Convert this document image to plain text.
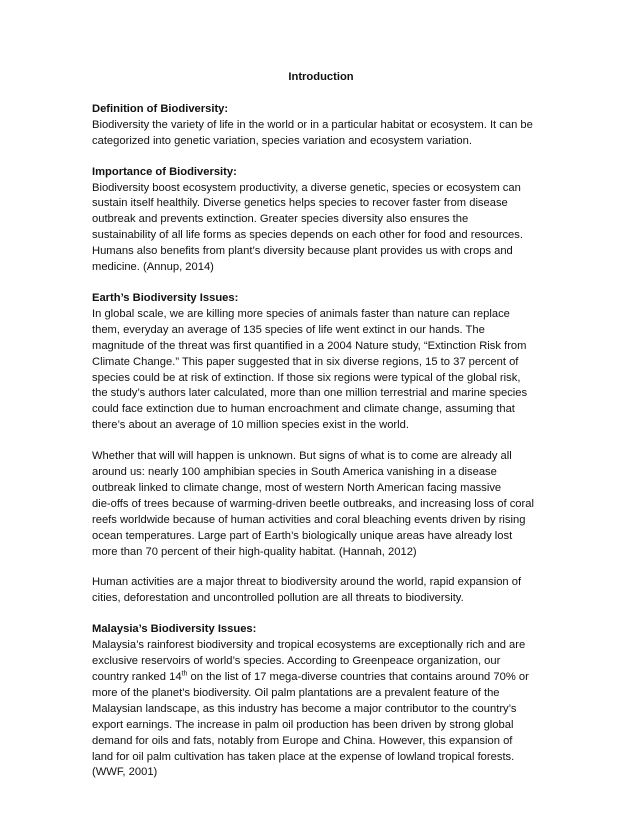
Introduction

Definition of Biodiversity:

Biodiversity the variety of life in the world or in a particular habitat or ecosystem. It can be
categorized into genetic variation, species variation and ecosystem variation.

Importance of Biodiversity:

Biodiversity boost ecosystem productivity, a diverse genetic, species or ecosystem can
sustain itself healthily. Diverse genetics helps species to recover faster from disease
outbreak and prevents extinction. Greater species diversity also ensures the
sustainability of all life forms as species depends on each other for food and resources.
Humans also benefits from plant’s diversity because plant provides us with crops and
medicine. (Annup, 2014)

Earth’s Biodiversity Issues:

In global scale, we are killing more species of animals faster than nature can replace
them, everyday an average of 135 species of life went extinct in our hands. The
magnitude of the threat was first quantified in a 2004 Nature study, “Extinction Risk from
Climate Change.” This paper suggested that in six diverse regions, 15 to 37 percent of
species could be at risk of extinction. If those six regions were typical of the global risk,
the study’s authors later calculated, more than one million terrestrial and marine species
could face extinction due to human encroachment and climate change, assuming that
there’s about an average of 10 million species exist in the world.

Whether that will will happen is unknown. But signs of what is to come are already all
around us: nearly 100 amphibian species in South America vanishing in a disease
outbreak linked to climate change, most of western North American facing massive
die-offs of trees because of warming-driven beetle outbreaks, and increasing loss of coral
reefs worldwide because of human activities and coral bleaching events driven by rising
ocean temperatures. Large part of Earth’s biologically unique areas have already lost
more than 70 percent of their high-quality habitat. (Hannah, 2012)

Human activities are a major threat to biodiversity around the world, rapid expansion of
cities, deforestation and uncontrolled pollution are all threats to biodiversity.

Malaysia’s Biodiversity Issues:

Malaysia’s rainforest biodiversity and tropical ecosystems are exceptionally rich and are
exclusive reservoirs of world’s species. According to Greenpeace organization, our
country ranked 14th on the list of 17 mega-diverse countries that contains around 70% or
more of the planet’s biodiversity. Oil palm plantations are a prevalent feature of the
Malaysian landscape, as this industry has become a major contributor to the country’s
export earnings. The increase in palm oil production has been driven by strong global
demand for oils and fats, notably from Europe and China. However, this expansion of
land for oil palm cultivation has taken place at the expense of lowland tropical forests.
(WWF, 2001)
